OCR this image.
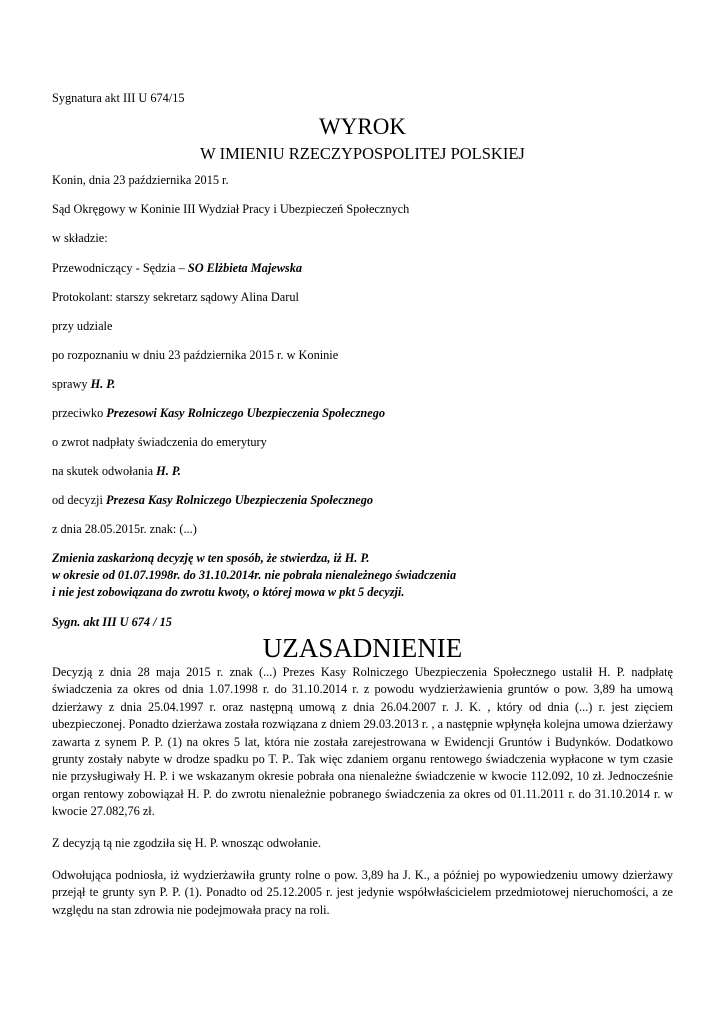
Sygnatura akt III U 674/15

WYROK
W IMIENIU RZECZYPOSPOLITEJ POLSKIEJ

Konin, dnia 23 października 2015 r.

Sąd Okręgowy w Koninie III Wydział Pracy i Ubezpieczeń Społecznych

w składzie:

Przewodniczący - Sędzia – SO Elżbieta Majewska

Protokolant: starszy sekretarz sądowy Alina Darul

przy udziale

po rozpoznaniu w dniu 23 października 2015 r. w Koninie

sprawy H. P.

przeciwko Prezesowi Kasy Rolniczego Ubezpieczenia Społecznego

o zwrot nadpłaty świadczenia do emerytury

na skutek odwołania H. P.

od decyzji Prezesa Kasy Rolniczego Ubezpieczenia Społecznego

z dnia 28.05.2015r. znak: (...)

Zmienia zaskarżoną decyzję w ten sposób, że stwierdza, iż H. P.

w okresie od 01.07.1998r. do 31.10.2014r. nie pobrała nienależnego świadczenia

i nie jest zobowiązana do zwrotu kwoty, o której mowa w pkt 5 decyzji.

Sygn. akt III U 674 / 15

UZASADNIENIE

Decyzją z dnia 28 maja 2015 r. znak (...) Prezes Kasy Rolniczego Ubezpieczenia Społecznego ustalił H. P. nadpłatę świadczenia za okres od dnia 1.07.1998 r. do 31.10.2014 r. z powodu wydzierżawienia gruntów o pow. 3,89 ha umową dzierżawy z dnia 25.04.1997 r. oraz następną umową z dnia 26.04.2007 r. J. K. , który od dnia (...) r. jest zięciem ubezpieczonej. Ponadto dzierżawa została rozwiązana z dniem 29.03.2013 r. , a następnie wpłynęła kolejna umowa dzierżawy zawarta z synem P. P. (1) na okres 5 lat, która nie została zarejestrowana w Ewidencji Gruntów i Budynków. Dodatkowo grunty zostały nabyte w drodze spadku po T. P.. Tak więc zdaniem organu rentowego świadczenia wypłacone w tym czasie nie przysługiwały H. P. i we wskazanym okresie pobrała ona nienależne świadczenie w kwocie 112.092, 10 zł. Jednocześnie organ rentowy zobowiązał H. P. do zwrotu nienależnie pobranego świadczenia za okres od 01.11.2011 r. do 31.10.2014 r. w kwocie 27.082,76 zł.

Z decyzją tą nie zgodziła się H. P. wnosząc odwołanie.

Odwołująca podniosła, iż wydzierżawiła grunty rolne o pow. 3,89 ha J. K., a później po wypowiedzeniu umowy dzierżawy przejął te grunty syn P. P. (1). Ponadto od 25.12.2005 r. jest jedynie współwłaścicielem przedmiotowej nieruchomości, a ze względu na stan zdrowia nie podejmowała pracy na roli.
